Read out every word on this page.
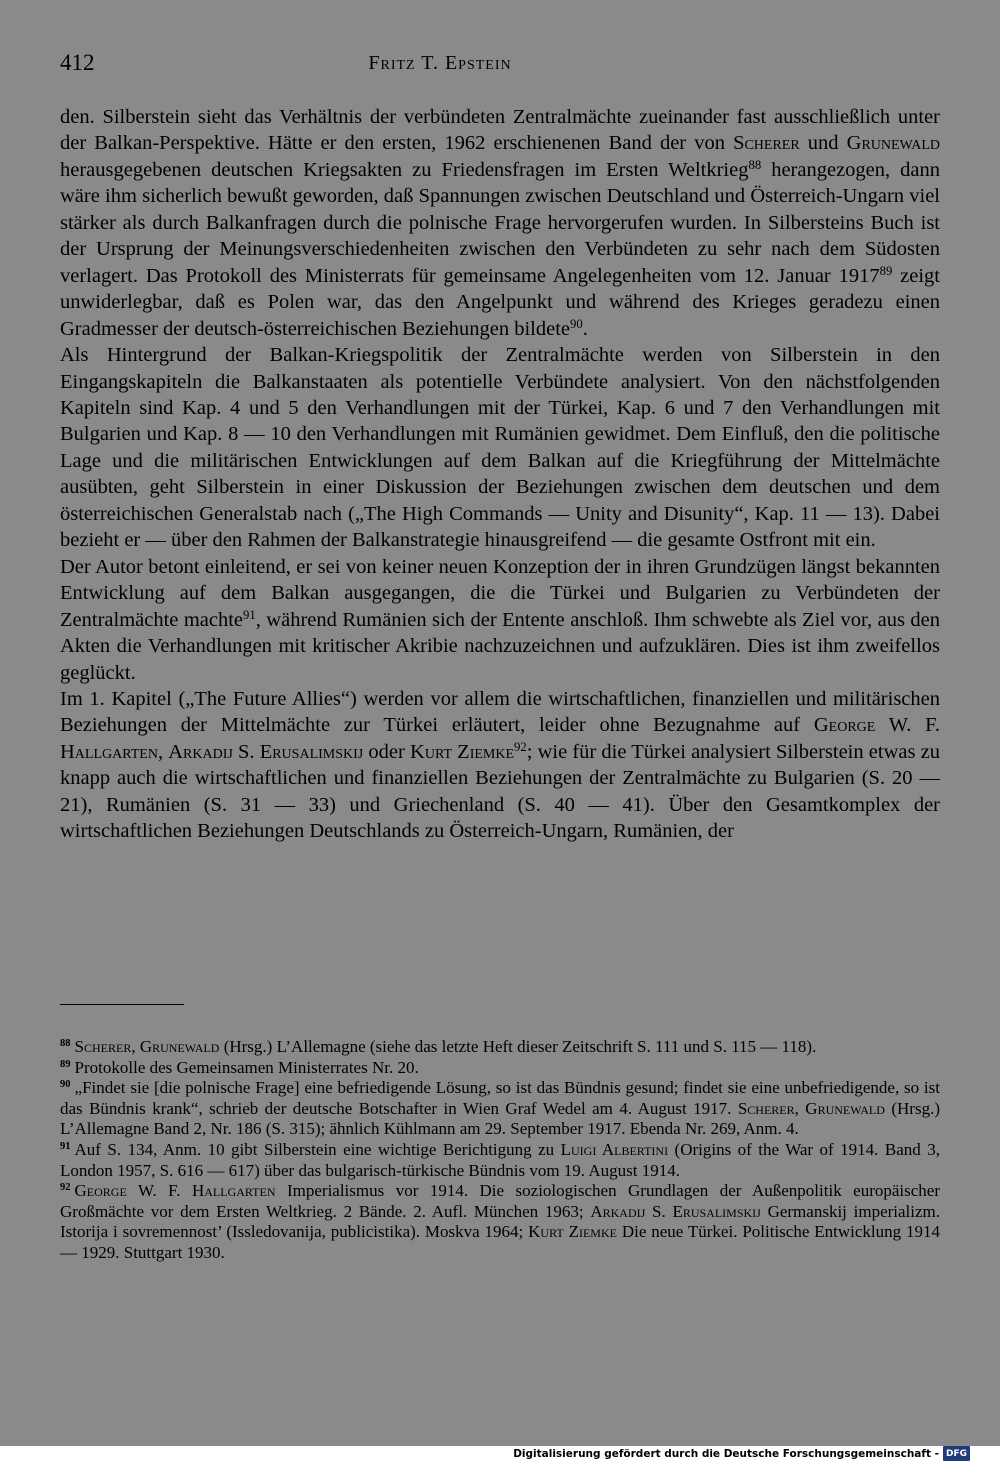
412	Fritz T. Epstein

den. Silberstein sieht das Verhältnis der verbündeten Zentralmächte zueinander fast ausschließlich unter der Balkan-Perspektive. Hätte er den ersten, 1962 erschienenen Band der von Scherer und Grunewald herausgegebenen deutschen Kriegsakten zu Friedensfragen im Ersten Weltkrieg$^{88}$ herangezogen, dann wäre ihm sicherlich bewußt geworden, daß Spannungen zwischen Deutschland und Österreich-Ungarn viel stärker als durch Balkanfragen durch die polnische Frage hervorgerufen wurden. In Silbersteins Buch ist der Ursprung der Meinungsverschiedenheiten zwischen den Verbündeten zu sehr nach dem Südosten verlagert. Das Protokoll des Ministerrats für gemeinsame Angelegenheiten vom 12. Januar 1917$^{89}$ zeigt unwiderlegbar, daß es Polen war, das den Angelpunkt und während des Krieges geradezu einen Gradmesser der deutsch-österreichischen Beziehungen bildete$^{90}$.

Als Hintergrund der Balkan-Kriegspolitik der Zentralmächte werden von Silberstein in den Eingangskapiteln die Balkanstaaten als potentielle Verbündete analysiert. Von den nächstfolgenden Kapiteln sind Kap. 4 und 5 den Verhandlungen mit der Türkei, Kap. 6 und 7 den Verhandlungen mit Bulgarien und Kap. 8 — 10 den Verhandlungen mit Rumänien gewidmet. Dem Einfluß, den die politische Lage und die militärischen Entwicklungen auf dem Balkan auf die Kriegführung der Mittelmächte ausübten, geht Silberstein in einer Diskussion der Beziehungen zwischen dem deutschen und dem österreichischen Generalstab nach („The High Commands — Unity and Disunity“, Kap. 11 — 13). Dabei bezieht er — über den Rahmen der Balkanstrategie hinausgreifend — die gesamte Ostfront mit ein.

Der Autor betont einleitend, er sei von keiner neuen Konzeption der in ihren Grundzügen längst bekannten Entwicklung auf dem Balkan ausgegangen, die die Türkei und Bulgarien zu Verbündeten der Zentralmächte machte$^{91}$, während Rumänien sich der Entente anschloß. Ihm schwebte als Ziel vor, aus den Akten die Verhandlungen mit kritischer Akribie nachzuzeichnen und aufzuklären. Dies ist ihm zweifellos geglückt.

Im 1. Kapitel („The Future Allies“) werden vor allem die wirtschaftlichen, finanziellen und militärischen Beziehungen der Mittelmächte zur Türkei erläutert, leider ohne Bezugnahme auf George W. F. Hallgarten, Arkadij S. Erusalimskij oder Kurt Ziemke$^{92}$; wie für die Türkei analysiert Silberstein etwas zu knapp auch die wirtschaftlichen und finanziellen Beziehungen der Zentralmächte zu Bulgarien (S. 20 — 21), Rumänien (S. 31 — 33) und Griechenland (S. 40 — 41). Über den Gesamtkomplex der wirtschaftlichen Beziehungen Deutschlands zu Österreich-Ungarn, Rumänien, der

$^{88}$ Scherer, Grunewald (Hrsg.) L’Allemagne (siehe das letzte Heft dieser Zeitschrift S. 111 und S. 115 — 118).

$^{89}$ Protokolle des Gemeinsamen Ministerrates Nr. 20.

$^{90}$ „Findet sie [die polnische Frage] eine befriedigende Lösung, so ist das Bündnis gesund; findet sie eine unbefriedigende, so ist das Bündnis krank“, schrieb der deutsche Botschafter in Wien Graf Wedel am 4. August 1917. Scherer, Grunewald (Hrsg.) L’Allemagne Band 2, Nr. 186 (S. 315); ähnlich Kühlmann am 29. September 1917. Ebenda Nr. 269, Anm. 4.

$^{91}$ Auf S. 134, Anm. 10 gibt Silberstein eine wichtige Berichtigung zu Luigi Albertini (Origins of the War of 1914. Band 3, London 1957, S. 616 — 617) über das bulgarisch-türkische Bündnis vom 19. August 1914.

$^{92}$ George W. F. Hallgarten Imperialismus vor 1914. Die soziologischen Grundlagen der Außenpolitik europäischer Großmächte vor dem Ersten Weltkrieg. 2 Bände. 2. Aufl. München 1963; Arkadij S. Erusalimskij Germanskij imperializm. Istorija i sovremennost’ (Issledovanija, publicistika). Moskva 1964; Kurt Ziemke Die neue Türkei. Politische Entwicklung 1914 — 1929. Stuttgart 1930.

Digitalisierung gefördert durch die Deutsche Forschungsgemeinschaft - DFG
